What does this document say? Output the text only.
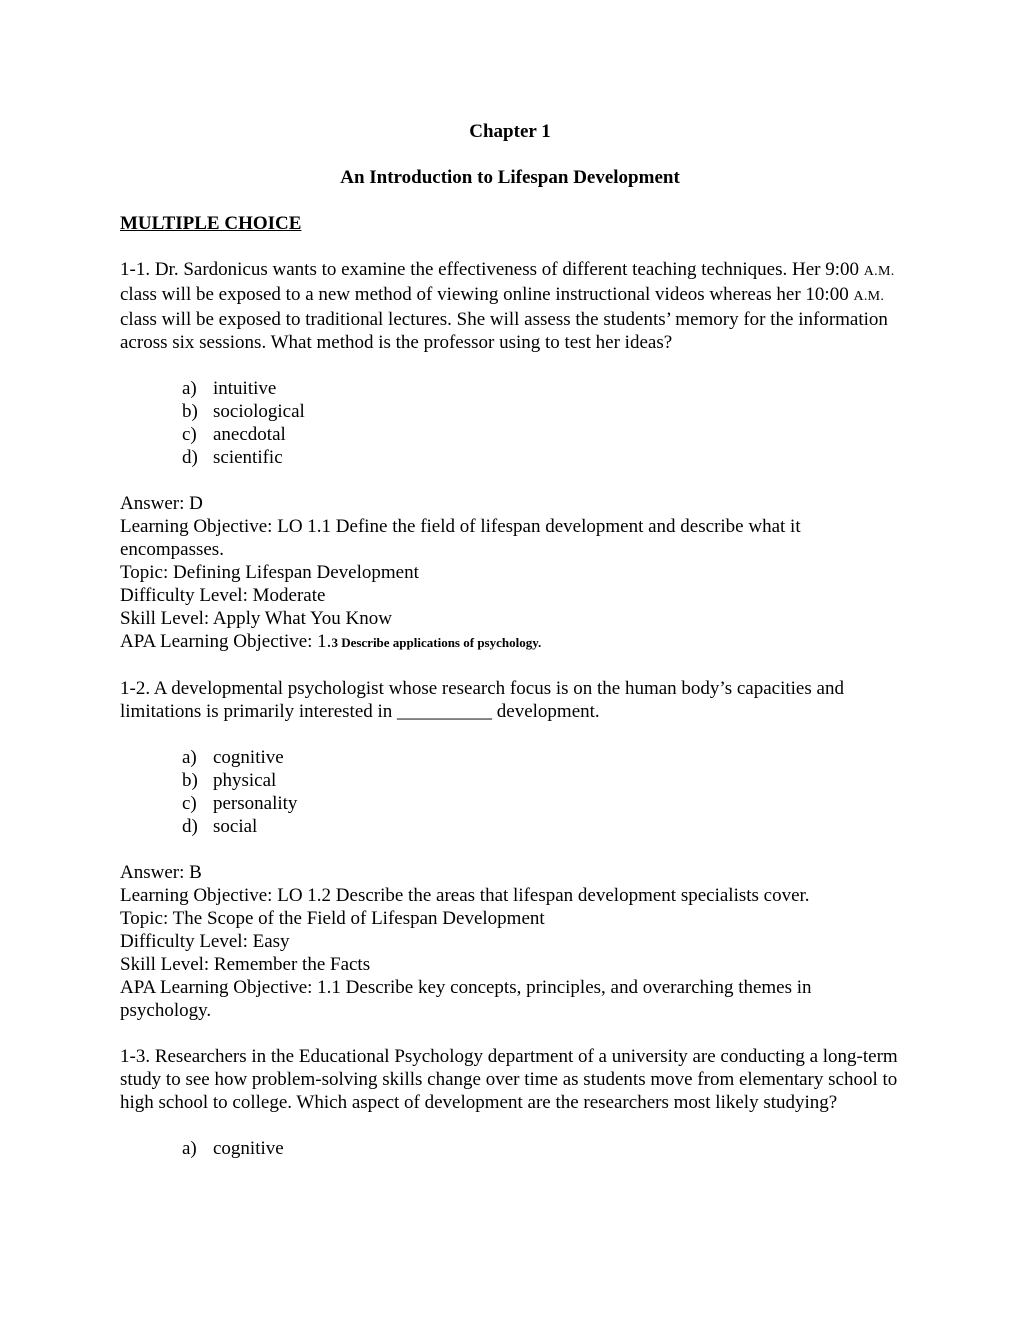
Chapter 1
An Introduction to Lifespan Development
MULTIPLE CHOICE
1-1. Dr. Sardonicus wants to examine the effectiveness of different teaching techniques. Her 9:00 A.M. class will be exposed to a new method of viewing online instructional videos whereas her 10:00 A.M. class will be exposed to traditional lectures. She will assess the students’ memory for the information across six sessions. What method is the professor using to test her ideas?
a) intuitive
b) sociological
c) anecdotal
d) scientific
Answer: D
Learning Objective: LO 1.1 Define the field of lifespan development and describe what it encompasses.
Topic: Defining Lifespan Development
Difficulty Level: Moderate
Skill Level: Apply What You Know
APA Learning Objective: 1.3 Describe applications of psychology.
1-2. A developmental psychologist whose research focus is on the human body’s capacities and limitations is primarily interested in __________ development.
a) cognitive
b) physical
c) personality
d) social
Answer: B
Learning Objective: LO 1.2 Describe the areas that lifespan development specialists cover.
Topic: The Scope of the Field of Lifespan Development
Difficulty Level: Easy
Skill Level: Remember the Facts
APA Learning Objective: 1.1 Describe key concepts, principles, and overarching themes in psychology.
1-3. Researchers in the Educational Psychology department of a university are conducting a long-term study to see how problem-solving skills change over time as students move from elementary school to high school to college. Which aspect of development are the researchers most likely studying?
a) cognitive
